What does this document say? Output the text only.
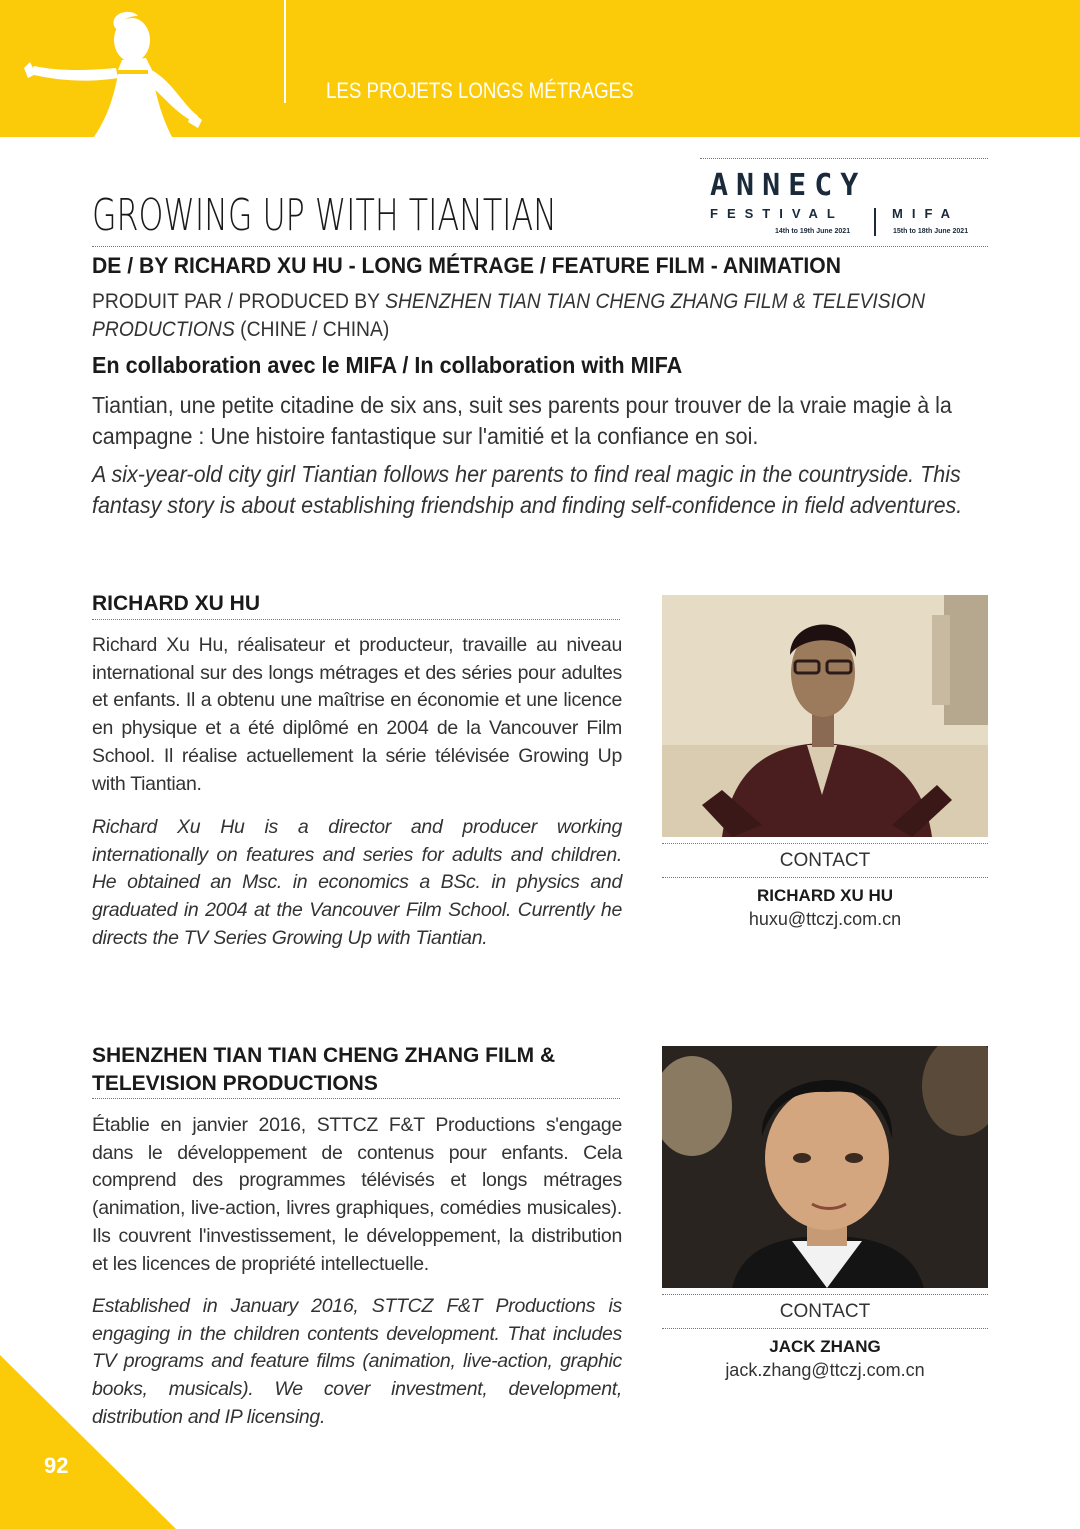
LES PROJETS LONGS MÉTRAGES
GROWING UP WITH TIANTIAN
ANNECY
FESTIVAL
14th to 19th June 2021
MIFA
15th to 18th June 2021
DE / BY RICHARD XU HU - LONG MÉTRAGE / FEATURE FILM - ANIMATION
PRODUIT PAR / PRODUCED BY SHENZHEN TIAN TIAN CHENG ZHANG FILM & TELEVISION PRODUCTIONS (CHINE / CHINA)
En collaboration avec le MIFA / In collaboration with MIFA
Tiantian, une petite citadine de six ans, suit ses parents pour trouver de la vraie magie à la campagne : Une histoire fantastique sur l'amitié et la confiance en soi.
A six-year-old city girl Tiantian follows her parents to find real magic in the countryside. This fantasy story is about establishing friendship and finding self-confidence in field adventures.
RICHARD XU HU
Richard Xu Hu, réalisateur et producteur, travaille au niveau international sur des longs métrages et des séries pour adultes et enfants. Il a obtenu une maîtrise en économie et une licence en physique et a été diplômé en 2004 de la Vancouver Film School. Il réalise actuellement la série télévisée Growing Up with Tiantian.
Richard Xu Hu is a director and producer working internationally on features and series for adults and children. He obtained an Msc. in economics a BSc. in physics and graduated in 2004 at the Vancouver Film School. Currently he directs the TV Series Growing Up with Tiantian.
CONTACT
RICHARD XU HU
huxu@ttczj.com.cn
SHENZHEN TIAN TIAN CHENG ZHANG FILM & TELEVISION PRODUCTIONS
Établie en janvier 2016, STTCZ F&T Productions s'engage dans le développement de contenus pour enfants. Cela comprend des programmes télévisés et longs métrages (animation, live-action, livres graphiques, comédies musicales). Ils couvrent l'investissement, le développement, la distribution et les licences de propriété intellectuelle.
Established in January 2016, STTCZ F&T Productions is engaging in the children contents development. That includes TV programs and feature films (animation, live-action, graphic books, musicals). We cover investment, development, distribution and IP licensing.
CONTACT
JACK ZHANG
jack.zhang@ttczj.com.cn
92
